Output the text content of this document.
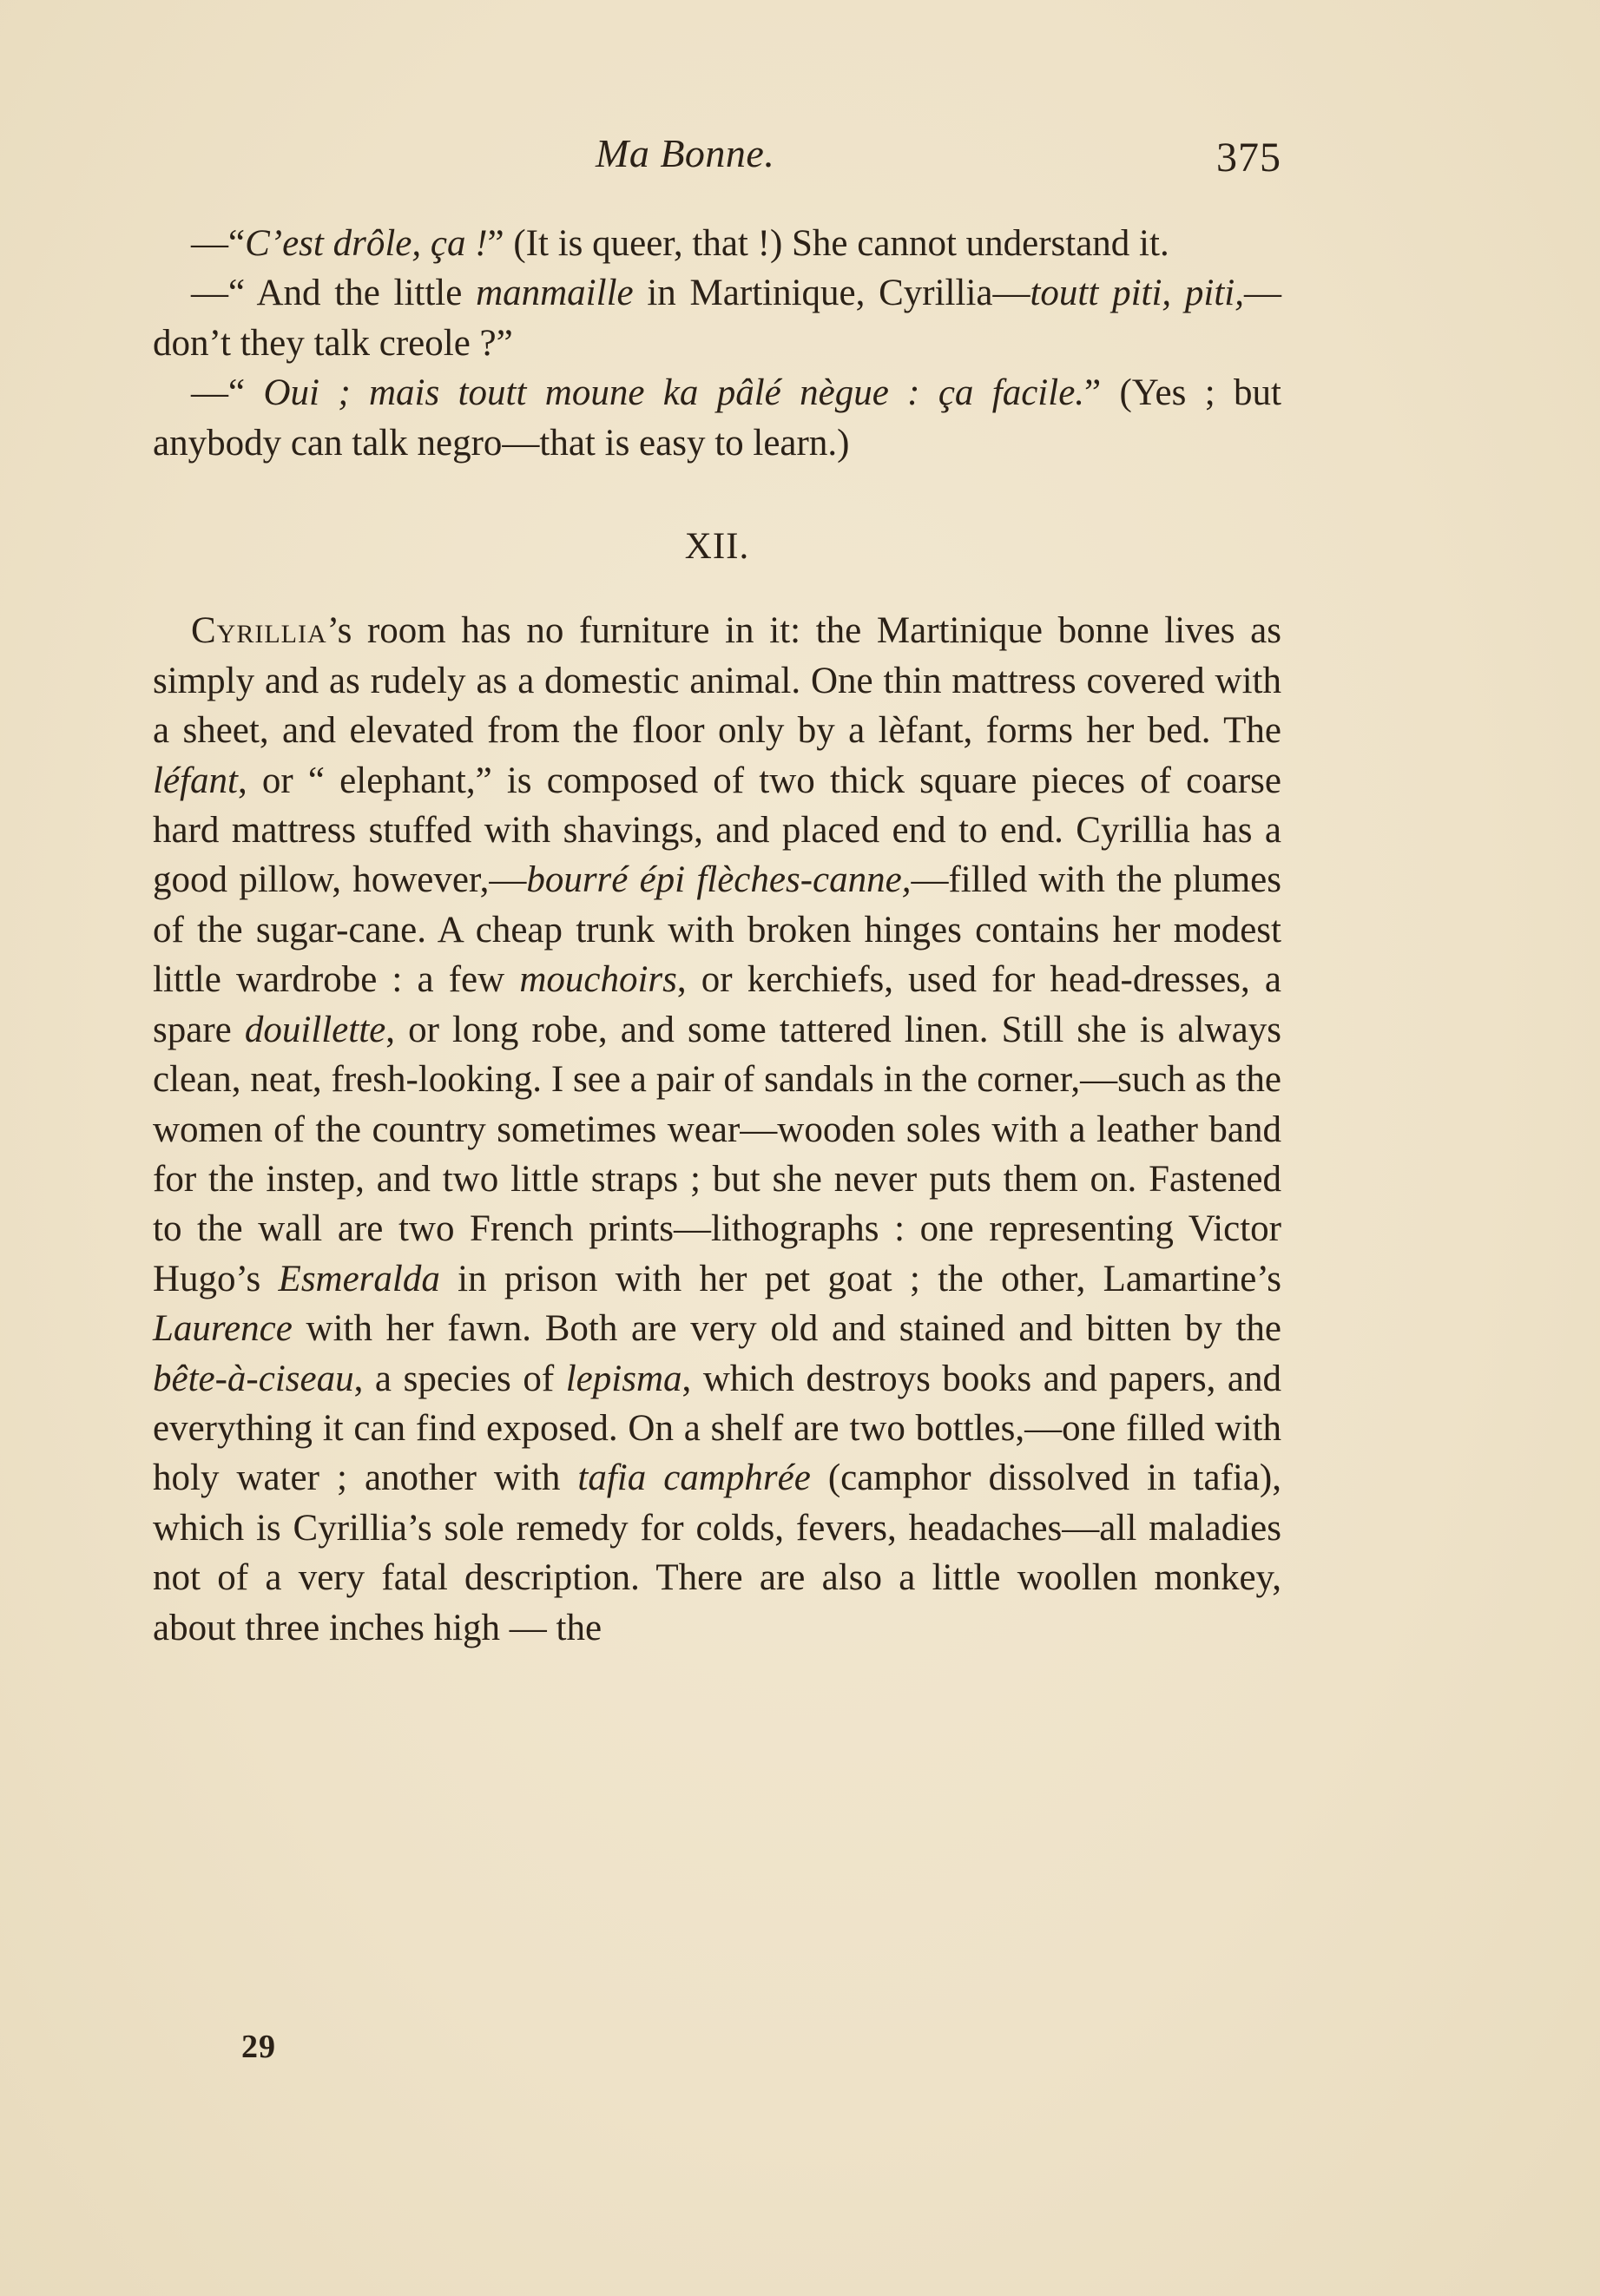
Ma Bonne.	375

—“C’est drôle, ça !” (It is queer, that !) She cannot understand it.

—“ And the little manmaille in Martinique, Cyrillia—toutt piti, piti,—don’t they talk creole ?”

—“ Oui ; mais toutt moune ka pâlé nègue : ça facile.” (Yes ; but anybody can talk negro—that is easy to learn.)

XII.

Cyrillia’s room has no furniture in it: the Martinique bonne lives as simply and as rudely as a domestic animal. One thin mattress covered with a sheet, and elevated from the floor only by a lèfant, forms her bed. The léfant, or “ elephant,” is composed of two thick square pieces of coarse hard mattress stuffed with shavings, and placed end to end. Cyrillia has a good pillow, however,—bourré épi flèches-canne,—filled with the plumes of the sugar-cane. A cheap trunk with broken hinges contains her modest little wardrobe : a few mouchoirs, or kerchiefs, used for head-dresses, a spare douillette, or long robe, and some tattered linen. Still she is always clean, neat, fresh-looking. I see a pair of sandals in the corner,—such as the women of the country sometimes wear—wooden soles with a leather band for the instep, and two little straps ; but she never puts them on. Fastened to the wall are two French prints—lithographs : one representing Victor Hugo’s Esmeralda in prison with her pet goat ; the other, Lamartine’s Laurence with her fawn. Both are very old and stained and bitten by the bête-à-ciseau, a species of lepisma, which destroys books and papers, and everything it can find exposed. On a shelf are two bottles,—one filled with holy water ; another with tafia camphrée (camphor dissolved in tafia), which is Cyrillia’s sole remedy for colds, fevers, headaches—all maladies not of a very fatal description. There are also a little woollen monkey, about three inches high — the

29
